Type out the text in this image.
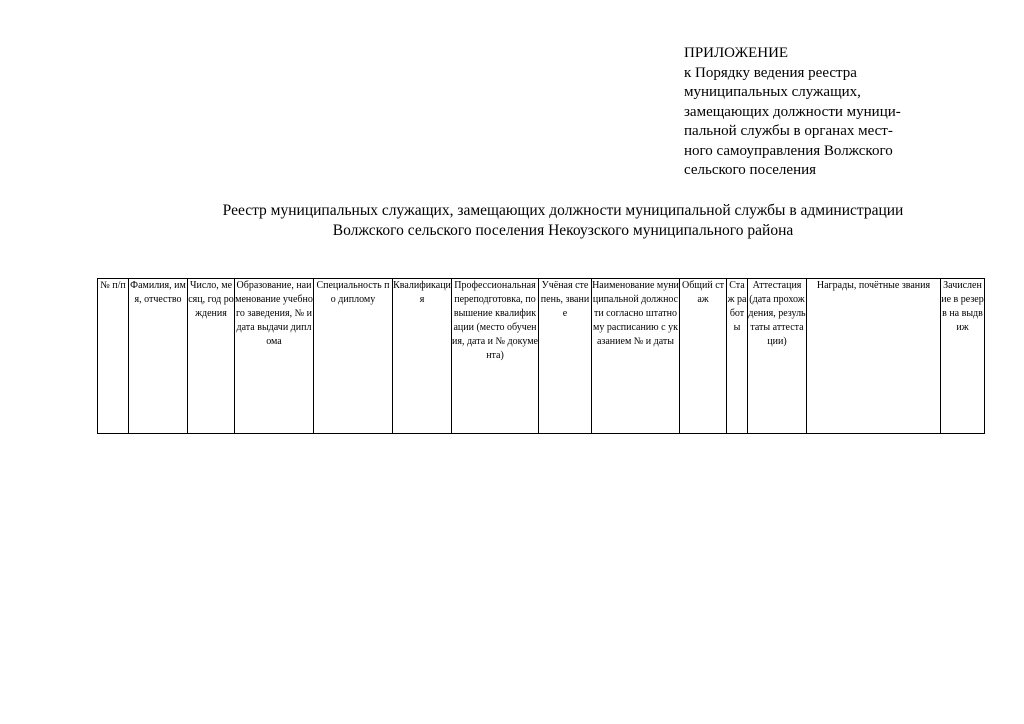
ПРИЛОЖЕНИЕ
к Порядку ведения реестра
муниципальных служащих,
замещающих должности муници-
пальной службы в органах мест-
ного самоуправления Волжского
сельского поселения
Реестр муниципальных служащих, замещающих должности муниципальной службы в администрации
Волжского сельского поселения Некоузского муниципального района
№ п/п	Фамилия, имя, отчество	Число, месяц, год рождения	Образование, наименование учебного заведения, № и дата выдачи диплома	Специальность по диплому	Квалификация	Профессиональная переподготовка, повышение квалификации (место обучения, дата и № документа)	Учёная степень, звание	Наименование муниципальной должности согласно штатному расписанию с указанием № и даты	Общий стаж	Стаж работы	Аттестация (дата прохождения, результаты аттестации)	Награды, почётные звания	Зачисление в резерв на выдвиж
